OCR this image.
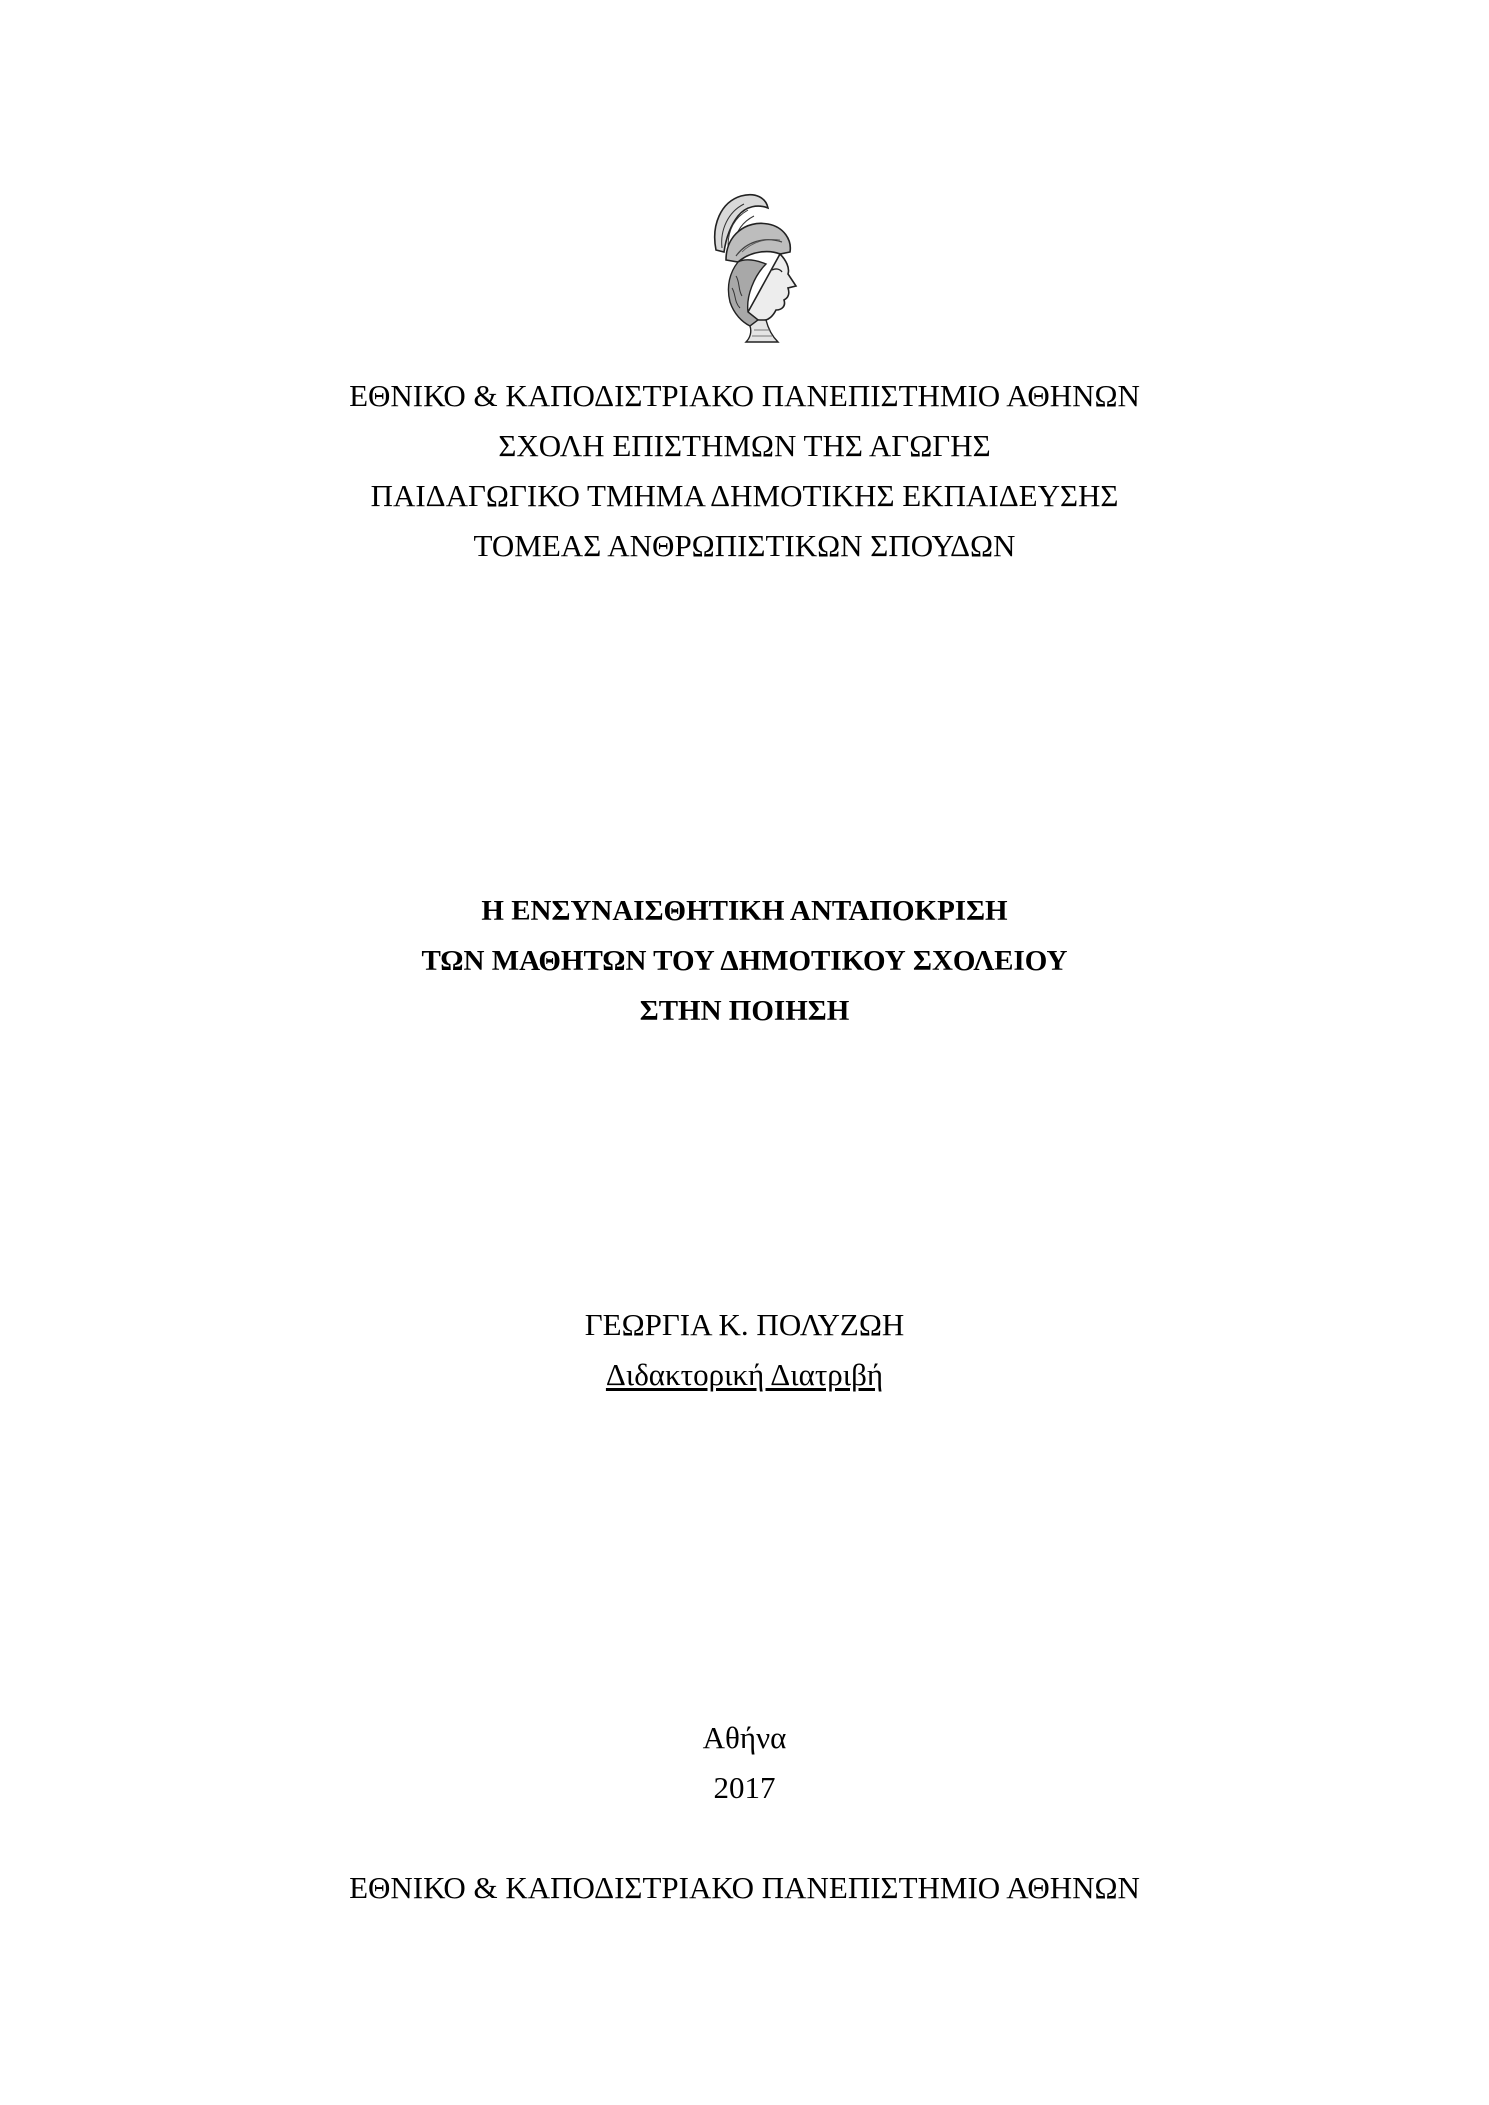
ΕΘΝΙΚΟ & ΚΑΠΟΔΙΣΤΡΙΑΚΟ ΠΑΝΕΠΙΣΤΗΜΙΟ ΑΘΗΝΩΝ
ΣΧΟΛΗ ΕΠΙΣΤΗΜΩΝ ΤΗΣ ΑΓΩΓΗΣ
ΠΑΙΔΑΓΩΓΙΚΟ ΤΜΗΜΑ ΔΗΜΟΤΙΚΗΣ ΕΚΠΑΙΔΕΥΣΗΣ
ΤΟΜΕΑΣ ΑΝΘΡΩΠΙΣΤΙΚΩΝ ΣΠΟΥΔΩΝ
Η ΕΝΣΥΝΑΙΣΘΗΤΙΚΗ ΑΝΤΑΠΟΚΡΙΣΗ
ΤΩΝ ΜΑΘΗΤΩΝ ΤΟΥ ΔΗΜΟΤΙΚΟΥ ΣΧΟΛΕΙΟΥ
ΣΤΗΝ ΠΟΙΗΣΗ
ΓΕΩΡΓΙΑ Κ. ΠΟΛΥΖΩΗ
Διδακτορική Διατριβή
Αθήνα
2017
ΕΘΝΙΚΟ & ΚΑΠΟΔΙΣΤΡΙΑΚΟ ΠΑΝΕΠΙΣΤΗΜΙΟ ΑΘΗΝΩΝ
